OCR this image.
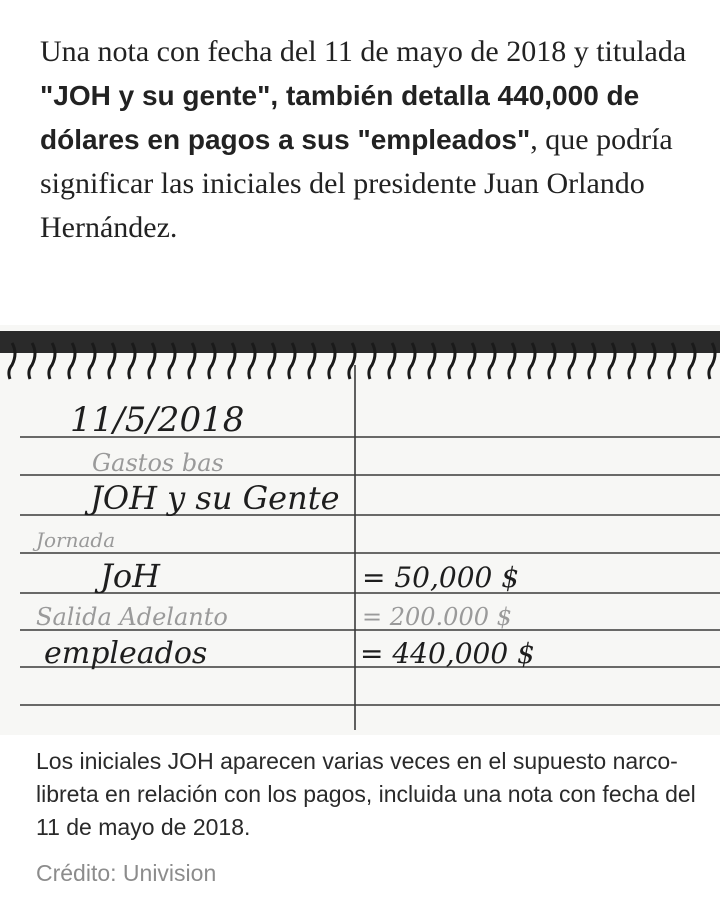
Una nota con fecha del 11 de mayo de 2018 y titulada "JOH y su gente", también detalla 440,000 de dólares en pagos a sus "empleados", que podría significar las iniciales del presidente Juan Orlando Hernández.
11/5/2018
Gastos bas
JOH y su Gente
Jornada
JoH	= 50,000 $
Salida Adelanto	= 200.000 $
empleados	= 440,000 $
Los iniciales JOH aparecen varias veces en el supuesto narco-libreta en relación con los pagos, incluida una nota con fecha del 11 de mayo de 2018.
Crédito: Univision
